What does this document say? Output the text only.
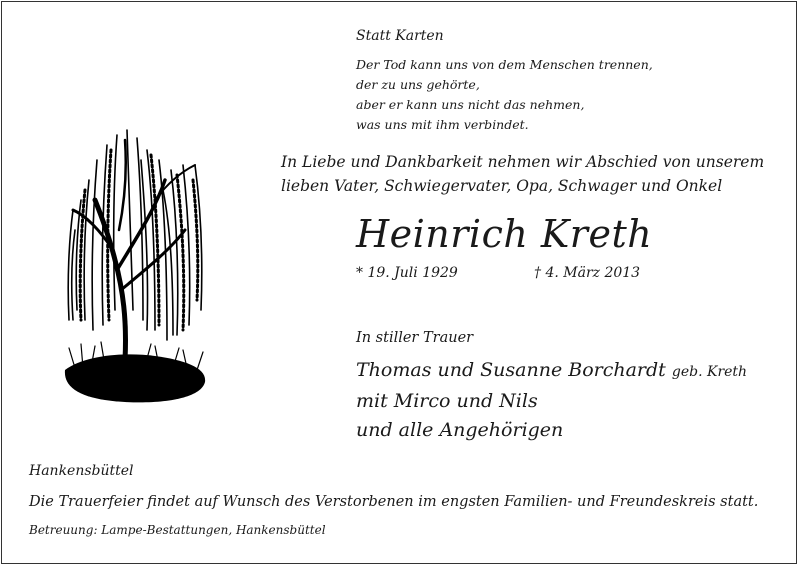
Statt Karten
Der Tod kann uns von dem Menschen trennen,
der zu uns gehörte,
aber er kann uns nicht das nehmen,
was uns mit ihm verbindet.
In Liebe und Dankbarkeit nehmen wir Abschied von unserem
lieben Vater, Schwiegervater, Opa, Schwager und Onkel
Heinrich Kreth
* 19. Juli 1929	† 4. März 2013
In stiller Trauer
Thomas und Susanne Borchardt geb. Kreth
mit Mirco und Nils
und alle Angehörigen
Hankensbüttel
Die Trauerfeier findet auf Wunsch des Verstorbenen im engsten Familien- und Freundeskreis statt.
Betreuung: Lampe-Bestattungen, Hankensbüttel
